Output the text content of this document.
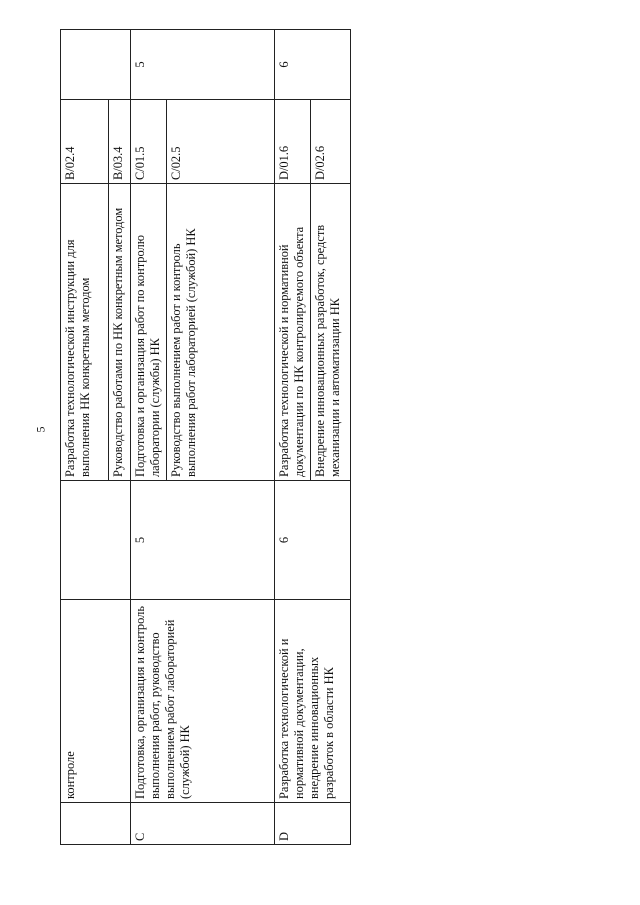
5
	контроле		Разработка технологической инструкции для выполнения НК конкретным методом	B/02.4	
			Руководство работами по НК конкретным методом	B/03.4	
C	Подготовка, организация и контроль выполнения работ, руководство выполнением работ лабораторией (службой) НК	5	Подготовка и организация работ по контролю лаборатории (службы) НК	C/01.5	5
			Руководство выполнением работ и контроль выполнения работ лабораторией (службой) НК	C/02.5	
D	Разработка технологической и нормативной документации, внедрение инновационных разработок в области НК	6	Разработка технологической и нормативной документации по НК контролируемого объекта	D/01.6	6
			Внедрение инновационных разработок, средств механизации и автоматизации НК	D/02.6	
